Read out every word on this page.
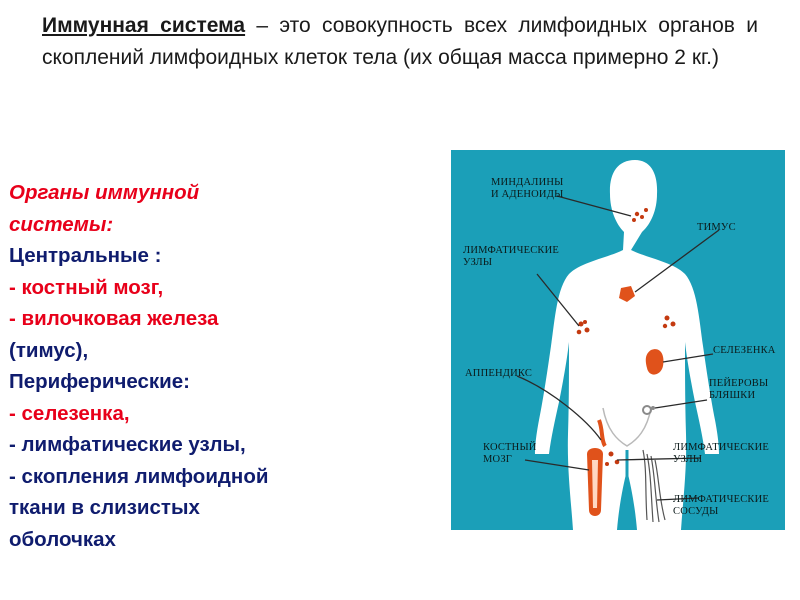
Иммунная система – это совокупность всех лимфоидных органов и скоплений лимфоидных клеток тела (их общая масса примерно 2 кг.)

Органы иммунной
системы:
Центральные :
- костный мозг,
- вилочковая железа
(тимус),
Периферические:
- селезенка,
- лимфатические узлы,
- скопления лимфоидной
ткани в слизистых
оболочках
МИНДАЛИНЫ
И АДЕНОИДЫ
ТИМУС
ЛИМФАТИЧЕСКИЕ
УЗЛЫ
СЕЛЕЗЕНКА
АППЕНДИКС
ПЕЙЕРОВЫ
БЛЯШКИ
КОСТНЫЙ
МОЗГ
ЛИМФАТИЧЕСКИЕ
УЗЛЫ
ЛИМФАТИЧЕСКИЕ
СОСУДЫ
